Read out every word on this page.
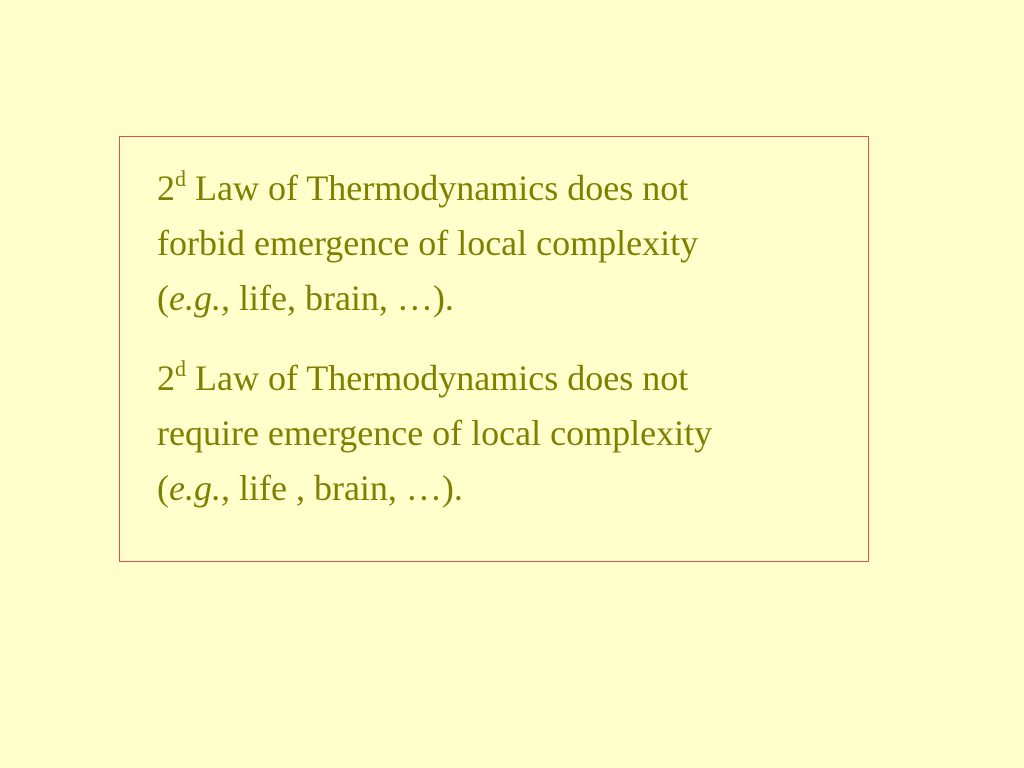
2$^d$ Law of Thermodynamics does not
forbid emergence of local complexity
(e.g., life, brain, …).

2$^d$ Law of Thermodynamics does not
require emergence of local complexity
(e.g., life , brain, …).
